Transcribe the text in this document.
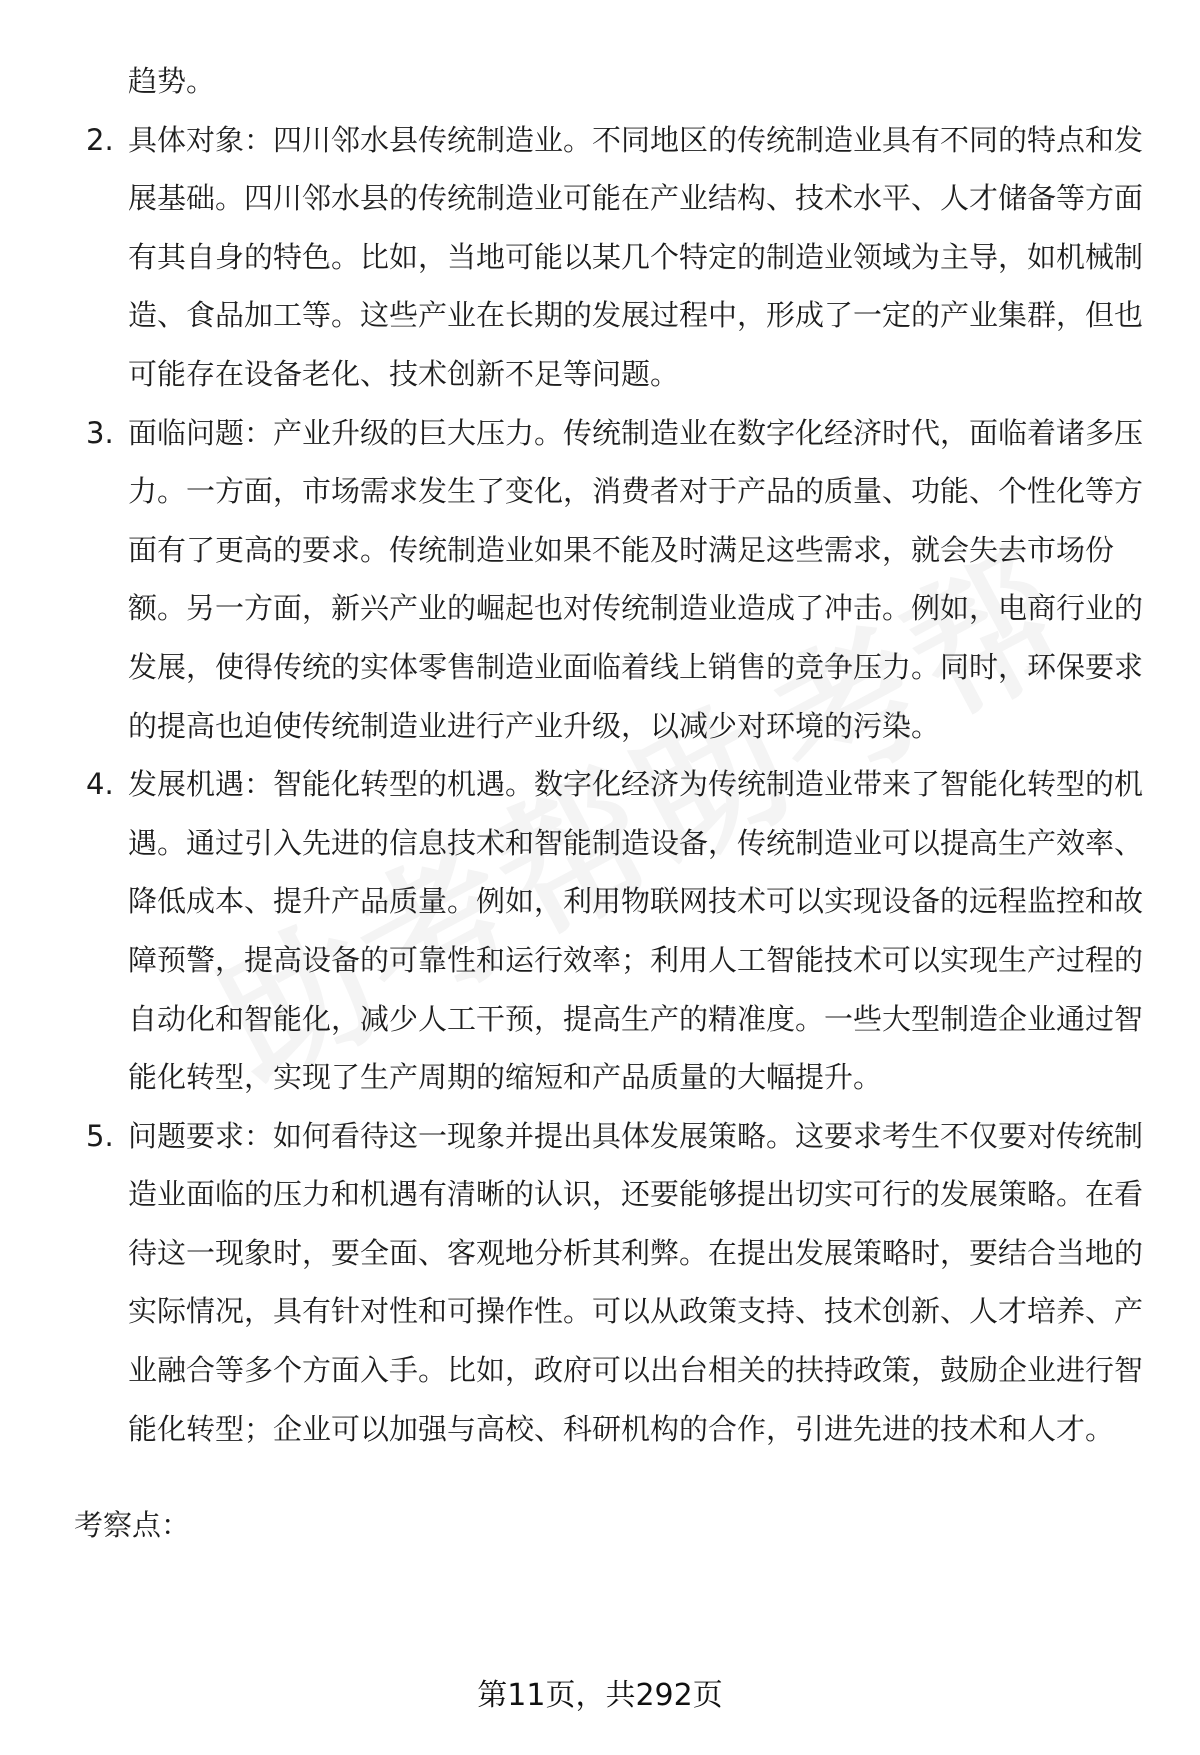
趋势。

2. 具体对象：四川邻水县传统制造业。不同地区的传统制造业具有不同的特点和发展基础。四川邻水县的传统制造业可能在产业结构、技术水平、人才储备等方面有其自身的特色。比如，当地可能以某几个特定的制造业领域为主导，如机械制造、食品加工等。这些产业在长期的发展过程中，形成了一定的产业集群，但也可能存在设备老化、技术创新不足等问题。
3. 面临问题：产业升级的巨大压力。传统制造业在数字化经济时代，面临着诸多压力。一方面，市场需求发生了变化，消费者对于产品的质量、功能、个性化等方面有了更高的要求。传统制造业如果不能及时满足这些需求，就会失去市场份额。另一方面，新兴产业的崛起也对传统制造业造成了冲击。例如，电商行业的发展，使得传统的实体零售制造业面临着线上销售的竞争压力。同时，环保要求的提高也迫使传统制造业进行产业升级，以减少对环境的污染。
4. 发展机遇：智能化转型的机遇。数字化经济为传统制造业带来了智能化转型的机遇。通过引入先进的信息技术和智能制造设备，传统制造业可以提高生产效率、降低成本、提升产品质量。例如，利用物联网技术可以实现设备的远程监控和故障预警，提高设备的可靠性和运行效率；利用人工智能技术可以实现生产过程的自动化和智能化，减少人工干预，提高生产的精准度。一些大型制造企业通过智能化转型，实现了生产周期的缩短和产品质量的大幅提升。
5. 问题要求：如何看待这一现象并提出具体发展策略。这要求考生不仅要对传统制造业面临的压力和机遇有清晰的认识，还要能够提出切实可行的发展策略。在看待这一现象时，要全面、客观地分析其利弊。在提出发展策略时，要结合当地的实际情况，具有针对性和可操作性。可以从政策支持、技术创新、人才培养、产业融合等多个方面入手。比如，政府可以出台相关的扶持政策，鼓励企业进行智能化转型；企业可以加强与高校、科研机构的合作，引进先进的技术和人才。
考察点：
第11页，共292页
